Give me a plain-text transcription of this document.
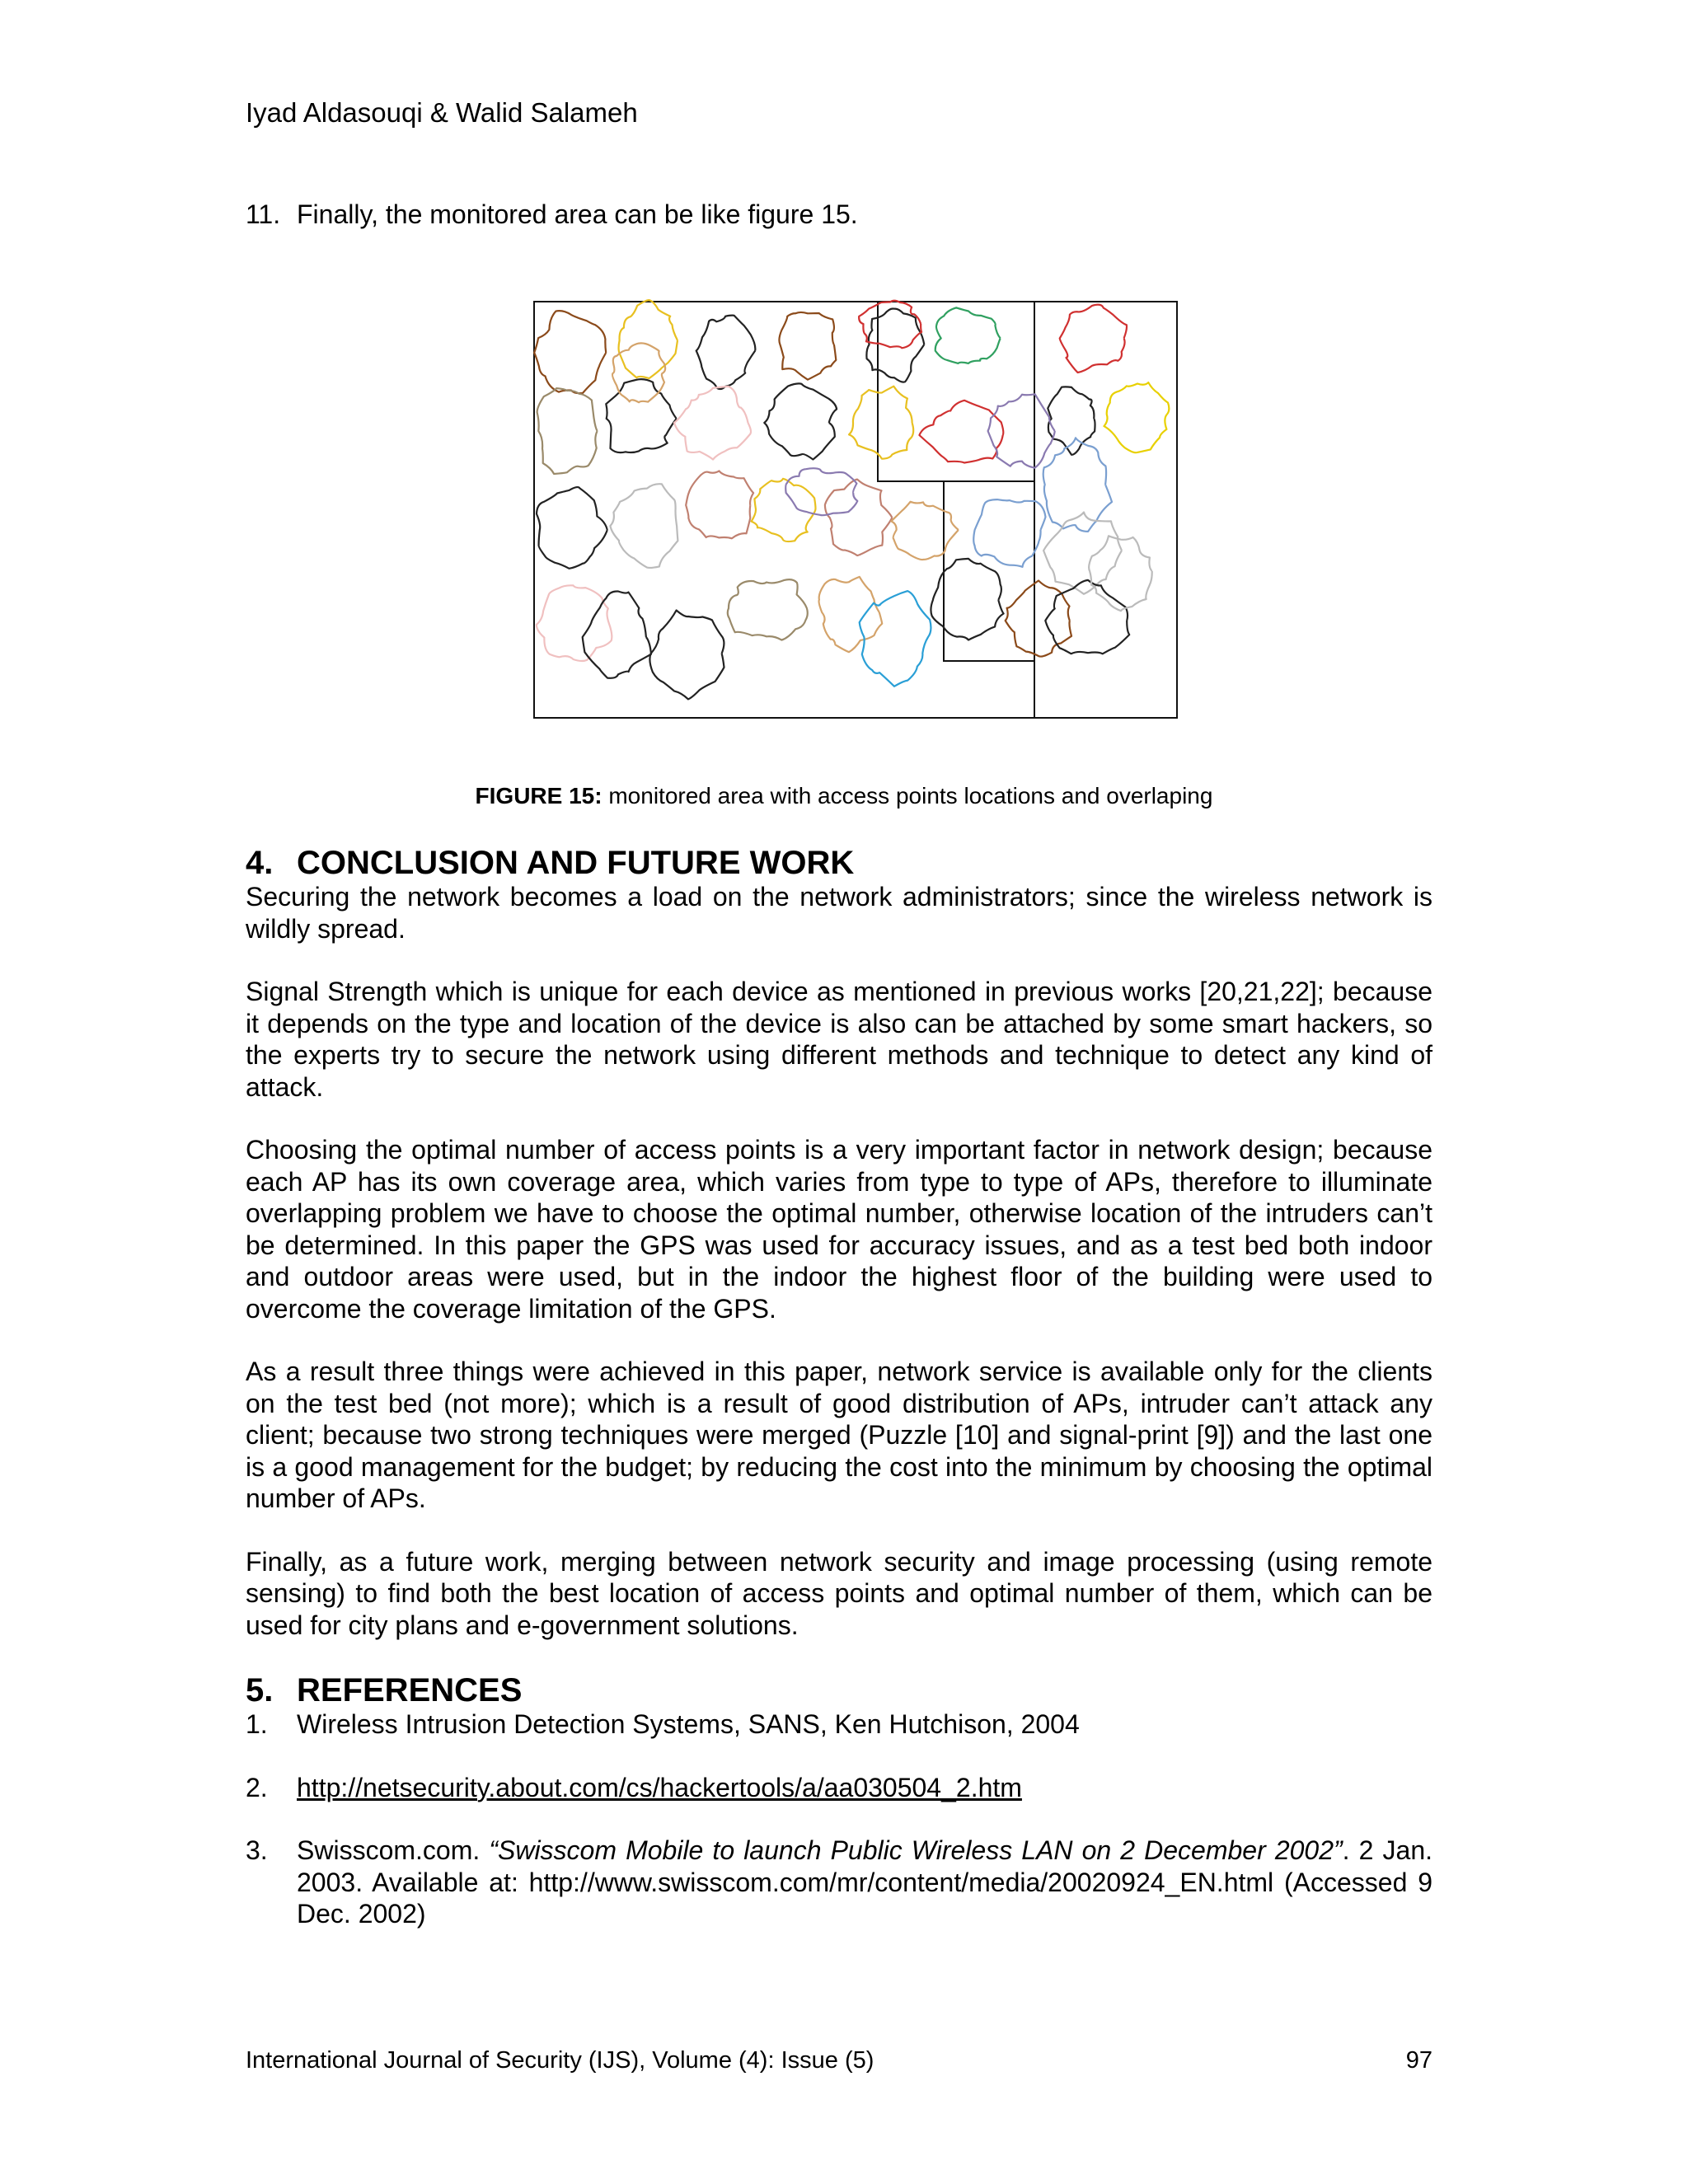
Iyad Aldasouqi & Walid Salameh
11. Finally, the monitored area can be like figure 15.
FIGURE 15: monitored area with access points locations and overlaping
4. CONCLUSION AND FUTURE WORK

Securing the network becomes a load on the network administrators; since the wireless network is wildly spread.

Signal Strength which is unique for each device as mentioned in previous works [20,21,22]; because it depends on the type and location of the device is also can be attached by some smart hackers, so the experts try to secure the network using different methods and technique to detect any kind of attack.

Choosing the optimal number of access points is a very important factor in network design; because each AP has its own coverage area, which varies from type to type of APs, therefore to illuminate overlapping problem we have to choose the optimal number, otherwise location of the intruders can’t be determined. In this paper the GPS was used for accuracy issues, and as a test bed both indoor and outdoor areas were used, but in the indoor the highest floor of the building were used to overcome the coverage limitation of the GPS.

As a result three things were achieved in this paper, network service is available only for the clients on the test bed (not more); which is a result of good distribution of APs, intruder can’t attack any client; because two strong techniques were merged (Puzzle [10] and signal-print [9]) and the last one is a good management for the budget; by reducing the cost into the minimum by choosing the optimal number of APs.

Finally, as a future work, merging between network security and image processing (using remote sensing) to find both the best location of access points and optimal number of them, which can be used for city plans and e-government solutions.

5. REFERENCES
1.	Wireless Intrusion Detection Systems, SANS, Ken Hutchison, 2004
2.	http://netsecurity.about.com/cs/hackertools/a/aa030504_2.htm
3.	Swisscom.com. “Swisscom Mobile to launch Public Wireless LAN on 2 December 2002”. 2 Jan. 2003. Available at: http://www.swisscom.com/mr/content/media/20020924_EN.html (Accessed 9 Dec. 2002)
International Journal of Security (IJS), Volume (4): Issue (5)	97
